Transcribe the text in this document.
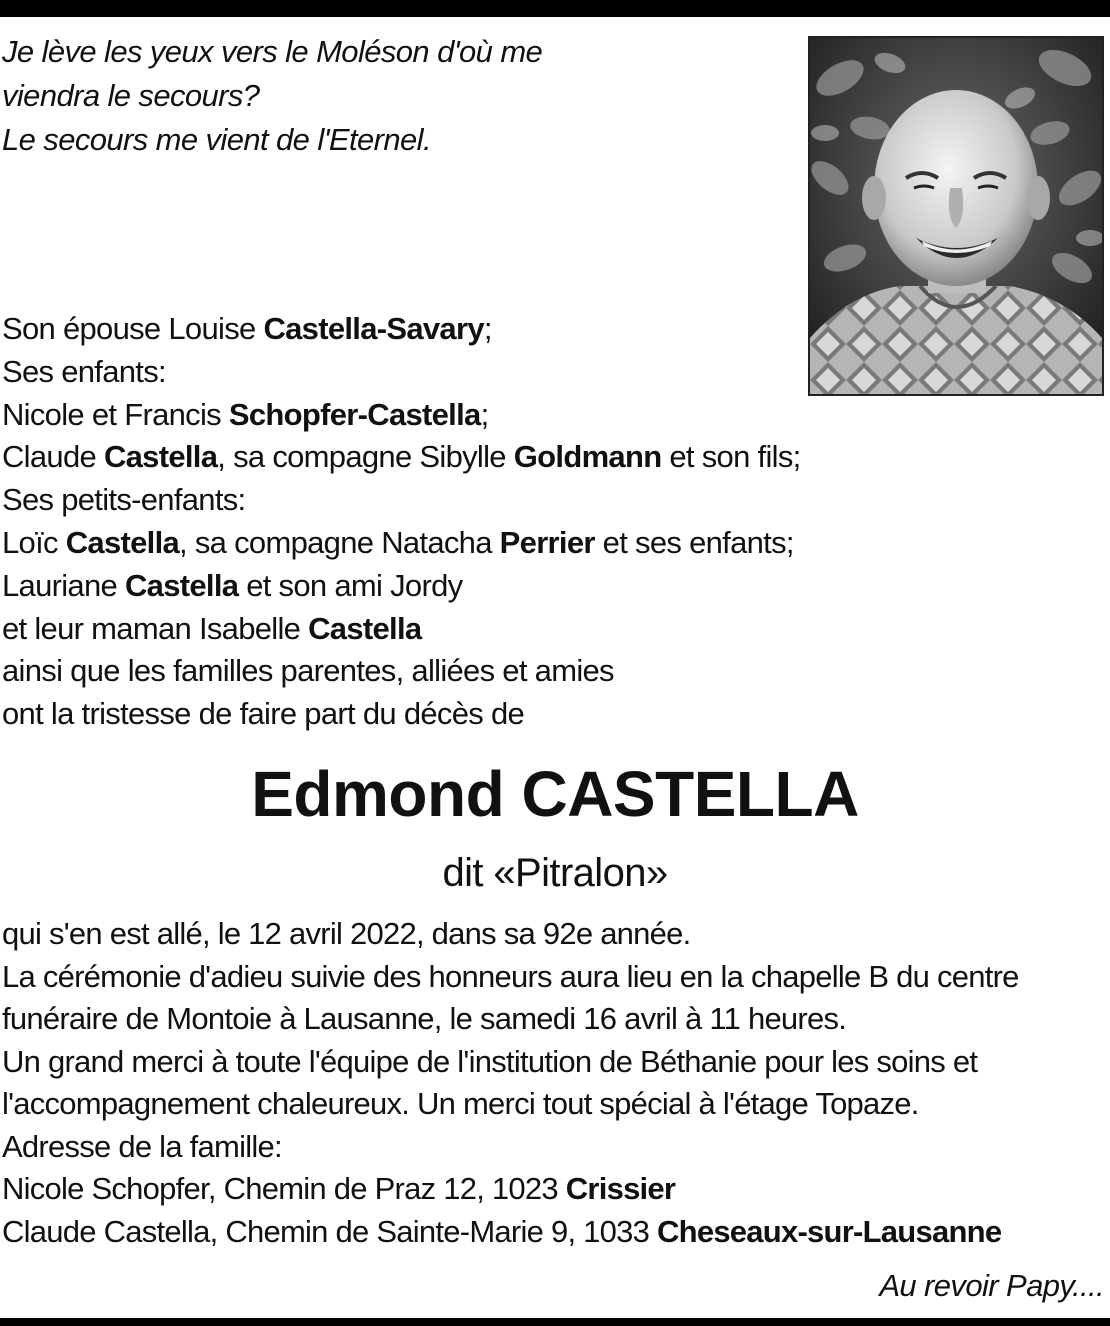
Je lève les yeux vers le Moléson d'où me
viendra le secours?
Le secours me vient de l'Eternel.
Son épouse Louise Castella-Savary;
Ses enfants:
Nicole et Francis Schopfer-Castella;
Claude Castella, sa compagne Sibylle Goldmann et son fils;
Ses petits-enfants:
Loïc Castella, sa compagne Natacha Perrier et ses enfants;
Lauriane Castella et son ami Jordy
et leur maman Isabelle Castella
ainsi que les familles parentes, alliées et amies
ont la tristesse de faire part du décès de
Edmond CASTELLA
dit «Pitralon»
qui s'en est allé, le 12 avril 2022, dans sa 92e année.
La cérémonie d'adieu suivie des honneurs aura lieu en la chapelle B du centre
funéraire de Montoie à Lausanne, le samedi 16 avril à 11 heures.
Un grand merci à toute l'équipe de l'institution de Béthanie pour les soins et
l'accompagnement chaleureux. Un merci tout spécial à l'étage Topaze.
Adresse de la famille:
Nicole Schopfer, Chemin de Praz 12, 1023 Crissier
Claude Castella, Chemin de Sainte-Marie 9, 1033 Cheseaux-sur-Lausanne
Au revoir Papy....
